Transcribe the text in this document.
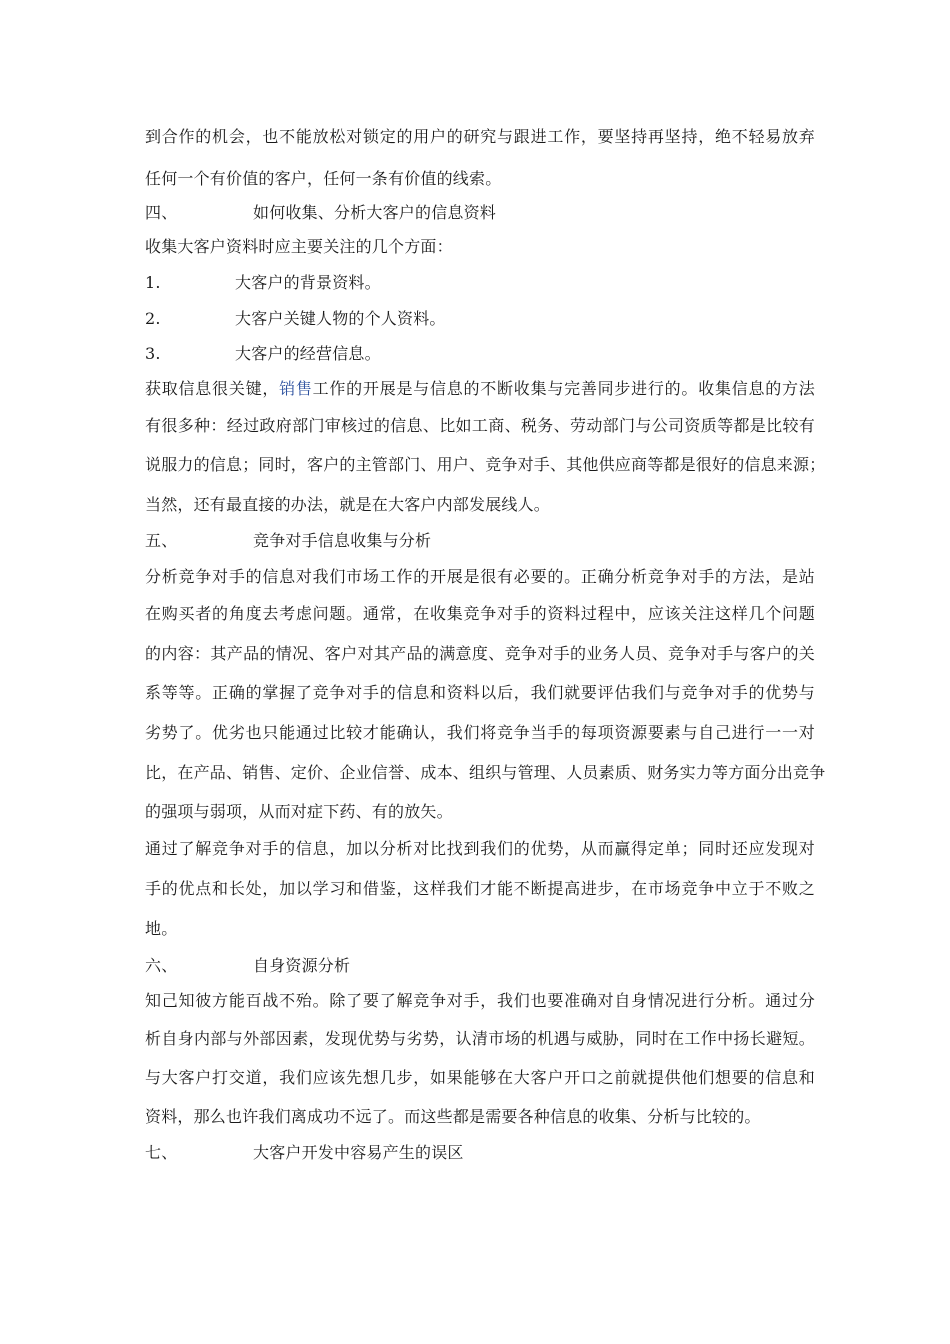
到合作的机会，也不能放松对锁定的用户的研究与跟进工作，要坚持再坚持，绝不轻易放弃
任何一个有价值的客户，任何一条有价值的线索。
四、	如何收集、分析大客户的信息资料
收集大客户资料时应主要关注的几个方面：
1.	大客户的背景资料。
2.	大客户关键人物的个人资料。
3.	大客户的经营信息。
获取信息很关键，销售工作的开展是与信息的不断收集与完善同步进行的。收集信息的方法
有很多种：经过政府部门审核过的信息、比如工商、税务、劳动部门与公司资质等都是比较有
说服力的信息；同时，客户的主管部门、用户、竞争对手、其他供应商等都是很好的信息来源；
当然，还有最直接的办法，就是在大客户内部发展线人。
五、	竞争对手信息收集与分析
分析竞争对手的信息对我们市场工作的开展是很有必要的。正确分析竞争对手的方法，是站
在购买者的角度去考虑问题。通常，在收集竞争对手的资料过程中，应该关注这样几个问题
的内容：其产品的情况、客户对其产品的满意度、竞争对手的业务人员、竞争对手与客户的关
系等等。正确的掌握了竞争对手的信息和资料以后，我们就要评估我们与竞争对手的优势与
劣势了。优劣也只能通过比较才能确认，我们将竞争当手的每项资源要素与自己进行一一对
比，在产品、销售、定价、企业信誉、成本、组织与管理、人员素质、财务实力等方面分出竞争
的强项与弱项，从而对症下药、有的放矢。
通过了解竞争对手的信息，加以分析对比找到我们的优势，从而赢得定单；同时还应发现对
手的优点和长处，加以学习和借鉴，这样我们才能不断提高进步，在市场竞争中立于不败之
地。
六、	自身资源分析
知己知彼方能百战不殆。除了要了解竞争对手，我们也要准确对自身情况进行分析。通过分
析自身内部与外部因素，发现优势与劣势，认清市场的机遇与威胁，同时在工作中扬长避短。
与大客户打交道，我们应该先想几步，如果能够在大客户开口之前就提供他们想要的信息和
资料，那么也许我们离成功不远了。而这些都是需要各种信息的收集、分析与比较的。
七、	大客户开发中容易产生的误区
